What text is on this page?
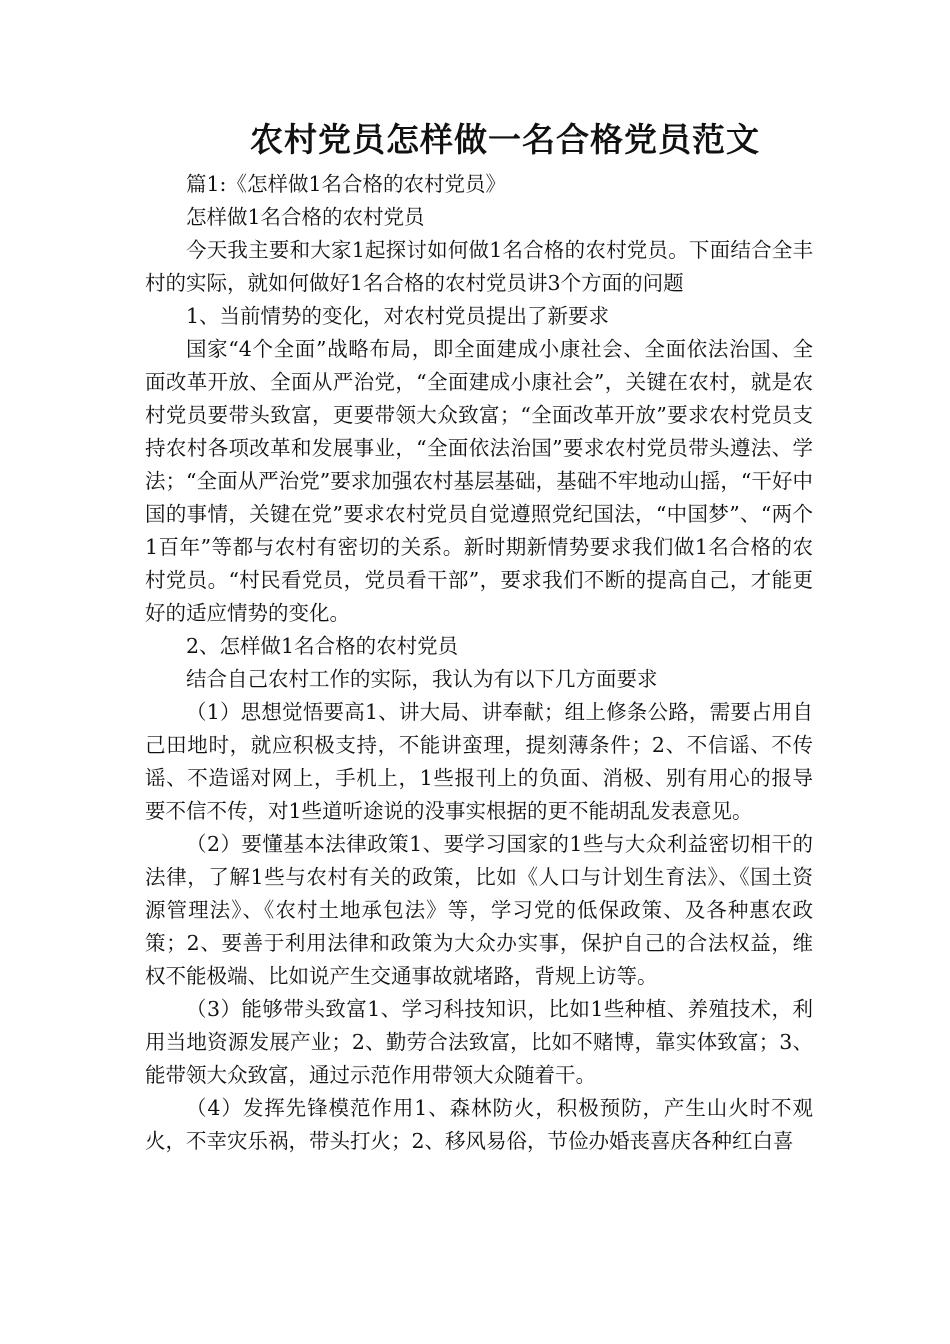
农村党员怎样做一名合格党员范文

篇1:《怎样做1名合格的农村党员》

怎样做1名合格的农村党员

今天我主要和大家1起探讨如何做1名合格的农村党员。下面结合全丰村的实际，就如何做好1名合格的农村党员讲3个方面的问题

1、当前情势的变化，对农村党员提出了新要求

国家“4个全面”战略布局，即全面建成小康社会、全面依法治国、全面改革开放、全面从严治党，“全面建成小康社会”，关键在农村，就是农村党员要带头致富，更要带领大众致富；“全面改革开放”要求农村党员支持农村各项改革和发展事业，“全面依法治国”要求农村党员带头遵法、学法；“全面从严治党”要求加强农村基层基础，基础不牢地动山摇，“干好中国的事情，关键在党”要求农村党员自觉遵照党纪国法，“中国梦”、“两个1百年”等都与农村有密切的关系。新时期新情势要求我们做1名合格的农村党员。“村民看党员，党员看干部”，要求我们不断的提高自己，才能更好的适应情势的变化。

2、怎样做1名合格的农村党员

结合自己农村工作的实际，我认为有以下几方面要求

（1）思想觉悟要高1、讲大局、讲奉献；组上修条公路，需要占用自己田地时，就应积极支持，不能讲蛮理，提刻薄条件；2、不信谣、不传谣、不造谣对网上，手机上，1些报刊上的负面、消极、别有用心的报导要不信不传，对1些道听途说的没事实根据的更不能胡乱发表意见。

（2）要懂基本法律政策1、要学习国家的1些与大众利益密切相干的法律，了解1些与农村有关的政策，比如《人口与计划生育法》、《国土资源管理法》、《农村土地承包法》等，学习党的低保政策、及各种惠农政策；2、要善于利用法律和政策为大众办实事，保护自己的合法权益，维权不能极端、比如说产生交通事故就堵路，背规上访等。

（3）能够带头致富1、学习科技知识，比如1些种植、养殖技术，利用当地资源发展产业；2、勤劳合法致富，比如不赌博，靠实体致富；3、能带领大众致富，通过示范作用带领大众随着干。

（4）发挥先锋模范作用1、森林防火，积极预防，产生山火时不观火，不幸灾乐祸，带头打火；2、移风易俗，节俭办婚丧喜庆各种红白喜
